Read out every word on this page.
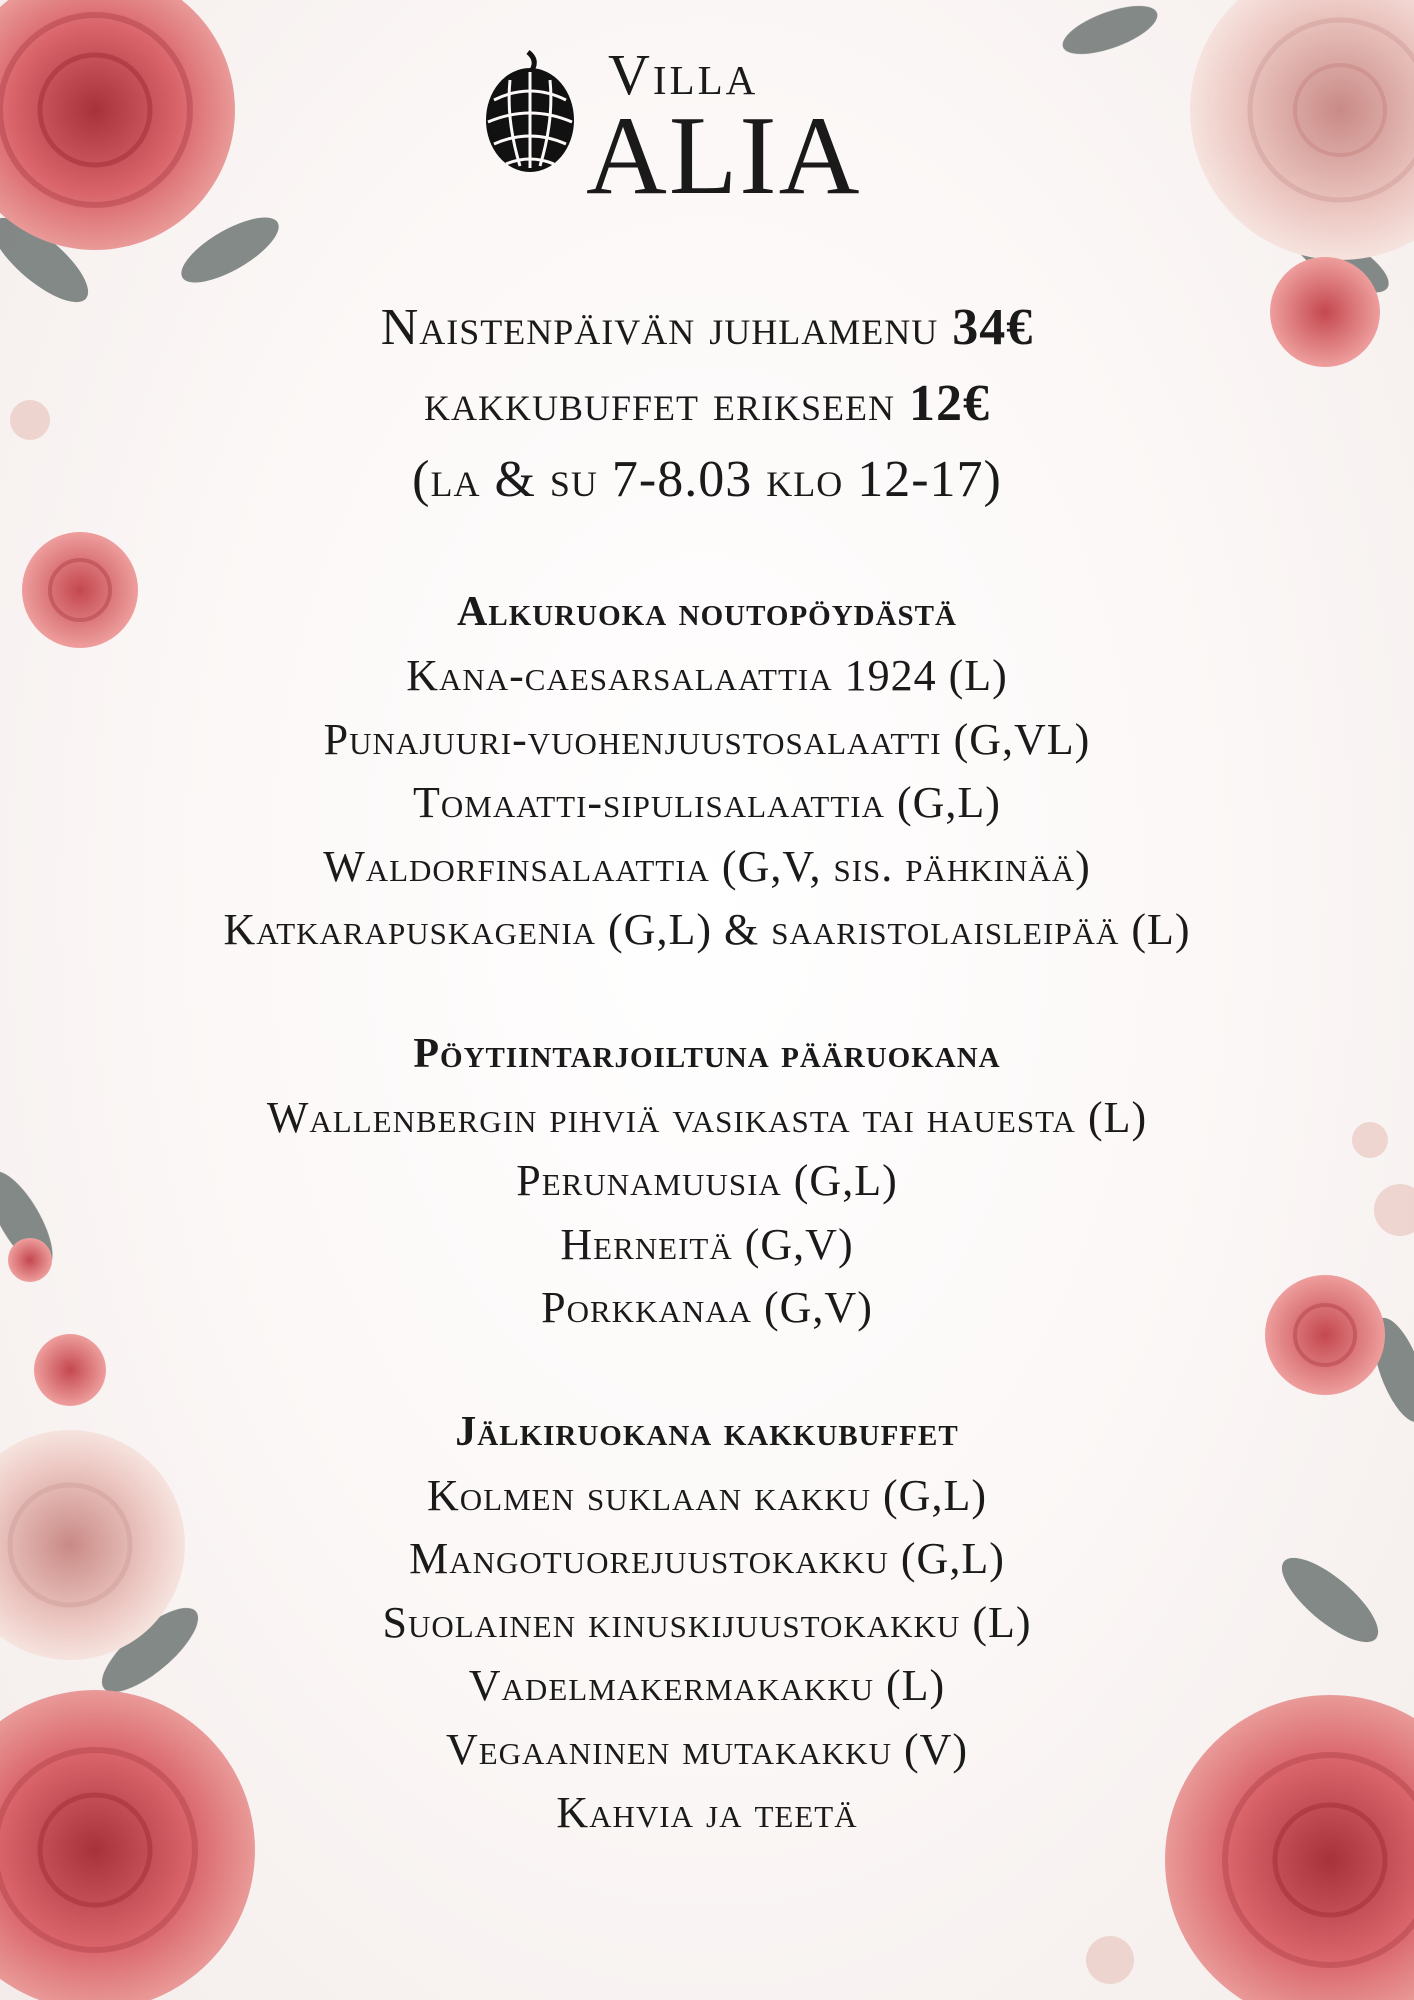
Villa
ALIA
Naistenpäivän juhlamenu 34€
kakkubuffet erikseen 12€
(la & su 7-8.03 klo 12-17)
Alkuruoka noutopöydästä
Kana-caesarsalaattia 1924 (L)
Punajuuri-vuohenjuustosalaatti (G,VL)
Tomaatti-sipulisalaattia (G,L)
Waldorfinsalaattia (G,V, sis. pähkinää)
Katkarapuskagenia (G,L) & saaristolaisleipää (L)
Pöytiintarjoiltuna pääruokana
Wallenbergin pihviä vasikasta tai hauesta (L)
Perunamuusia (G,L)
Herneitä (G,V)
Porkkanaa (G,V)
Jälkiruokana kakkubuffet
Kolmen suklaan kakku (G,L)
Mangotuorejuustokakku (G,L)
Suolainen kinuskijuustokakku (L)
Vadelmakermakakku (L)
Vegaaninen mutakakku (V)
Kahvia ja teetä
